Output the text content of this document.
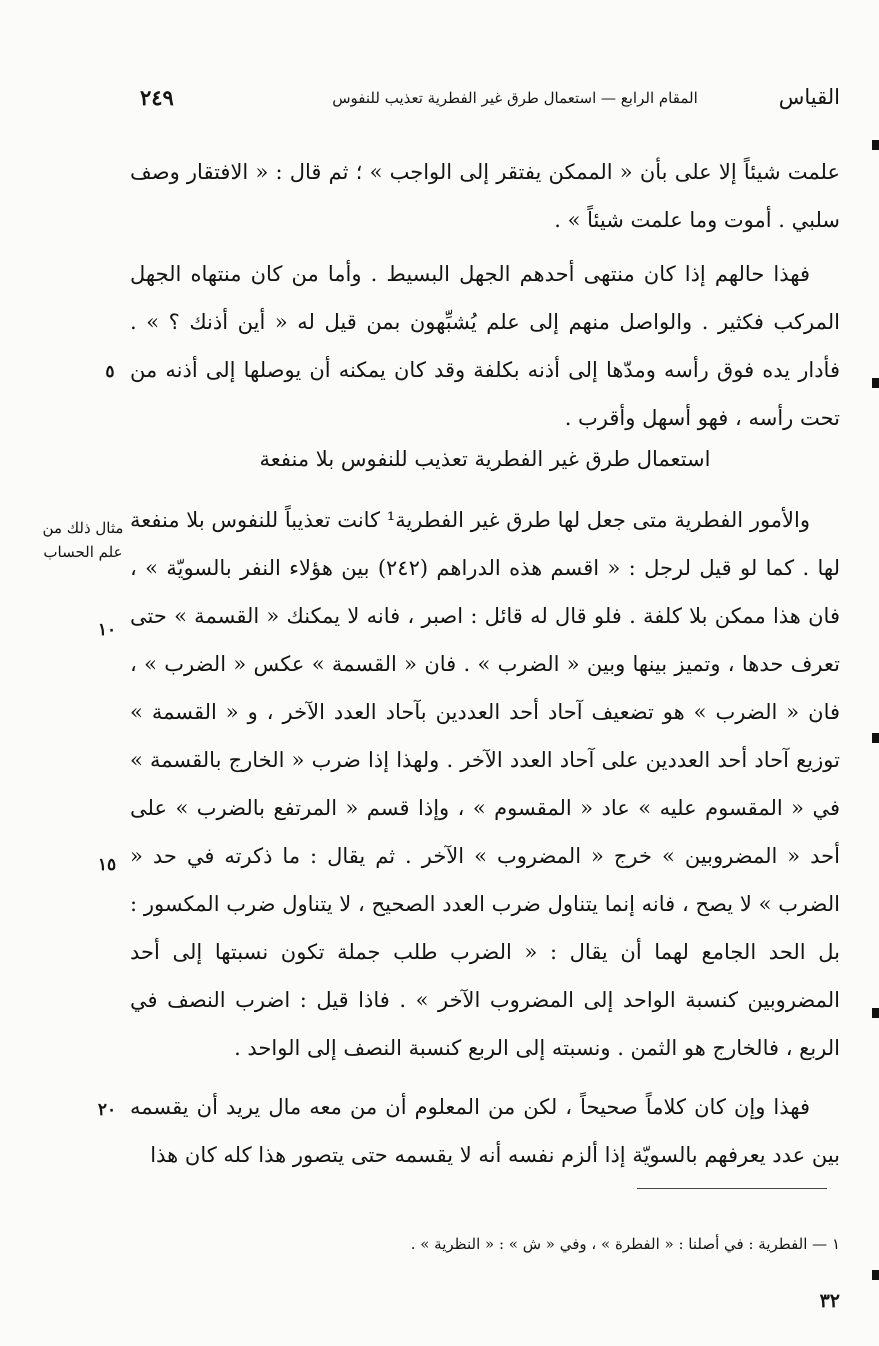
٢٤٩	المقام الرابع — استعمال طرق غير الفطرية تعذيب للنفوس	القياس

علمت شيئاً إلا على بأن « الممكن يفتقر إلى الواجب » ؛ ثم قال : « الافتقار وصف سلبي . أموت وما علمت شيئاً » .

فهذا حالهم إذا كان منتهى أحدهم الجهل البسيط . وأما من كان منتهاه الجهل المركب فكثير . والواصل منهم إلى علم يُشبِّهون بمن قيل له « أين أذنك ؟ » . فأدار يده فوق رأسه ومدّها إلى أذنه بكلفة وقد كان يمكنه أن يوصلها إلى أذنه من تحت رأسه ، فهو أسهل وأقرب .

استعمال طرق غير الفطرية تعذيب للنفوس بلا منفعة

والأمور الفطرية متى جعل لها طرق غير الفطرية¹ كانت تعذيباً للنفوس بلا منفعة لها . كما لو قيل لرجل : « اقسم هذه الدراهم (٢٤٢) بين هؤلاء النفر بالسويّة » ، فان هذا ممكن بلا كلفة . فلو قال له قائل : اصبر ، فانه لا يمكنك « القسمة » حتى تعرف حدها ، وتميز بينها وبين « الضرب » . فان « القسمة » عكس « الضرب » ، فان « الضرب » هو تضعيف آحاد أحد العددين بآحاد العدد الآخر ، و « القسمة » توزيع آحاد أحد العددين على آحاد العدد الآخر . ولهذا إذا ضرب « الخارج بالقسمة » في « المقسوم عليه » عاد « المقسوم » ، وإذا قسم « المرتفع بالضرب » على أحد « المضروبين » خرج « المضروب » الآخر . ثم يقال : ما ذكرته في حد « الضرب » لا يصح ، فانه إنما يتناول ضرب العدد الصحيح ، لا يتناول ضرب المكسور : بل الحد الجامع لهما أن يقال : « الضرب طلب جملة تكون نسبتها إلى أحد المضروبين كنسبة الواحد إلى المضروب الآخر » . فاذا قيل : اضرب النصف في الربع ، فالخارج هو الثمن . ونسبته إلى الربع كنسبة النصف إلى الواحد .

فهذا وإن كان كلاماً صحيحاً ، لكن من المعلوم أن من معه مال يريد أن يقسمه بين عدد يعرفهم بالسويّة إذا ألزم نفسه أنه لا يقسمه حتى يتصور هذا كله كان هذا

مثال ذلك من علم الحساب
٥
١٠
١٥
٢٠
١ — الفطرية : في أصلنا : « الفطرة » ، وفي « ش » : « النظرية » .
٣٢
